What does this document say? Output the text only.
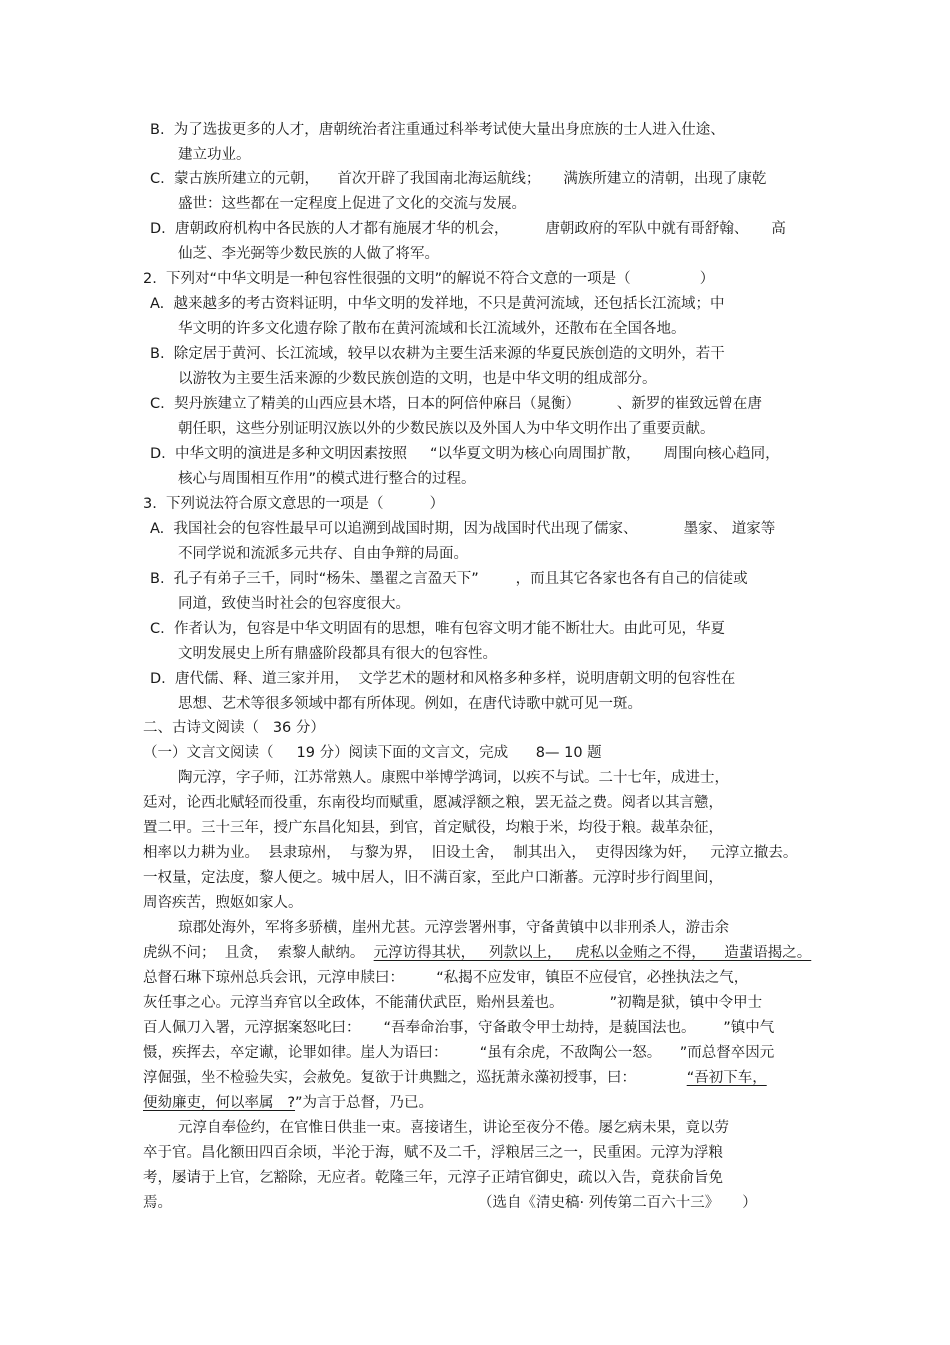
B.  为了选拔更多的人才，唐朝统治者注重通过科举考试使大量出身庶族的士人进入仕途、
建立功业。
C.  蒙古族所建立的元朝，    首次开辟了我国南北海运航线；     满族所建立的清朝，出现了康乾
盛世：这些都在一定程度上促进了文化的交流与发展。
D.  唐朝政府机构中各民族的人才都有施展才华的机会，        唐朝政府的军队中就有哥舒翰、     高
仙芝、李光弼等少数民族的人做了将军。
2.  下列对“中华文明是一种包容性很强的文明”的解说不符合文意的一项是（               ）
A.  越来越多的考古资料证明，中华文明的发祥地，不只是黄河流域，还包括长江流域；中
华文明的许多文化遗存除了散布在黄河流域和长江流域外，还散布在全国各地。
B.  除定居于黄河、长江流域，较早以农耕为主要生活来源的华夏民族创造的文明外，若干
以游牧为主要生活来源的少数民族创造的文明，也是中华文明的组成部分。
C.  契丹族建立了精美的山西应县木塔，日本的阿倍仲麻吕（晁衡）        、新罗的崔致远曾在唐
朝任职，这些分别证明汉族以外的少数民族以及外国人为中华文明作出了重要贡献。
D.  中华文明的演进是多种文明因素按照     “以华夏文明为核心向周围扩散，     周围向核心趋同，
核心与周围相互作用”的模式进行整合的过程。
3.  下列说法符合原文意思的一项是（          ）
A.  我国社会的包容性最早可以追溯到战国时期，因为战国时代出现了儒家、          墨家、 道家等
不同学说和流派多元共存、自由争辩的局面。
B.  孔子有弟子三千，同时“杨朱、墨翟之言盈天下”        ，而且其它各家也各有自己的信徒或
同道，致使当时社会的包容度很大。
C.  作者认为，包容是中华文明固有的思想，唯有包容文明才能不断壮大。由此可见，华夏
文明发展史上所有鼎盛阶段都具有很大的包容性。
D.  唐代儒、释、道三家并用，  文学艺术的题材和风格多种多样，说明唐朝文明的包容性在
思想、艺术等很多领域中都有所体现。例如，在唐代诗歌中就可见一斑。
二、古诗文阅读（   36 分）
（一）文言文阅读（     19 分）阅读下面的文言文，完成      8— 10 题
陶元淳，字子师，江苏常熟人。康熙中举博学鸿词，以疾不与试。二十七年，成进士，
廷对，论西北赋轻而役重，东南役均而赋重，愿减浮额之粮，罢无益之费。阅者以其言戆，
置二甲。三十三年，授广东昌化知县，到官，首定赋役，均粮于米，均役于粮。裁革杂征，
相率以力耕为业。  县隶琼州，  与黎为界，  旧设土舍，  制其出入，  吏得因缘为奸，   元淳立撤去。
一权量，定法度，黎人便之。城中居人，旧不满百家，至此户口渐蕃。元淳时步行阎里间，
周咨疾苦，煦妪如家人。
琼郡处海外，军将多骄横，崖州尤甚。元淳尝署州事，守备黄镇中以非刑杀人，游击余
虎纵不问；  且贪，  索黎人献纳。  元淳访得其状，   列款以上，   虎私以金贿之不得，    造蜚语揭之。
总督石琳下琼州总兵会讯，元淳申牍曰：       “私揭不应发审，镇臣不应侵官，必挫执法之气，
灰任事之心。元淳当弃官以全政体，不能蒲伏武臣，贻州县羞也。          ”初鞫是狱，镇中令甲士
百人佩刀入署，元淳据案怒叱曰：     “吾奉命治事，守备敢令甲士劫持，是藐国法也。      ”镇中气
慑，疾挥去，卒定谳，论罪如律。崖人为语曰：       “虽有余虎，不敌陶公一怒。    ”而总督卒因元
淳倔强，坐不检验失实，会赦免。复欲于计典黜之，巡抚萧永藻初授事，曰：           “吾初下车，
便劾廉吏，何以率属   ?”为言于总督，乃已。
元淳自奉俭约，在官惟日供韭一束。喜接诸生，讲论至夜分不倦。屡乞病未果，竟以劳
卒于官。昌化额田四百余顷，半沦于海，赋不及二千，浮粮居三之一，民重困。元淳为浮粮
考，屡请于上官，乞豁除，无应者。乾隆三年，元淳子正靖官御史，疏以入告，竟获俞旨免
焉。	（选自《清史稿· 列传第二百六十三》     ）
